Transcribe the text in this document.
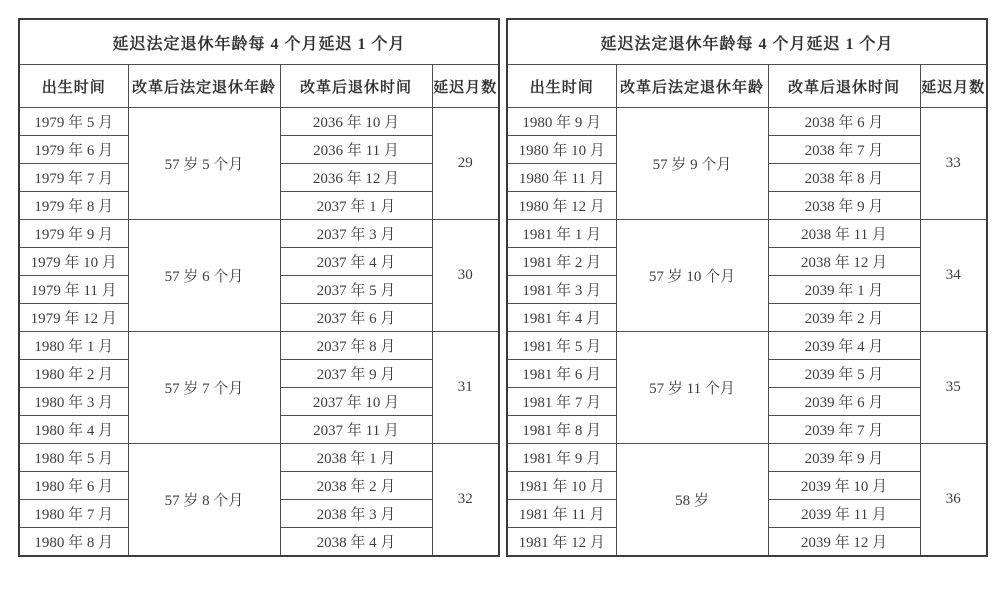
延迟法定退休年龄每 4 个月延迟 1 个月			
出生时间	改革后法定退休年龄	改革后退休时间	延迟月数
1979 年 5 月	57 岁 5 个月	2036 年 10 月	29
1979 年 6 月		2036 年 11 月	
1979 年 7 月		2036 年 12 月	
1979 年 8 月		2037 年 1 月	
1979 年 9 月	57 岁 6 个月	2037 年 3 月	30
1979 年 10 月		2037 年 4 月	
1979 年 11 月		2037 年 5 月	
1979 年 12 月		2037 年 6 月	
1980 年 1 月	57 岁 7 个月	2037 年 8 月	31
1980 年 2 月		2037 年 9 月	
1980 年 3 月		2037 年 10 月	
1980 年 4 月		2037 年 11 月	
1980 年 5 月	57 岁 8 个月	2038 年 1 月	32
1980 年 6 月		2038 年 2 月	
1980 年 7 月		2038 年 3 月	
1980 年 8 月		2038 年 4 月	
延迟法定退休年龄每 4 个月延迟 1 个月			
出生时间	改革后法定退休年龄	改革后退休时间	延迟月数
1980 年 9 月	57 岁 9 个月	2038 年 6 月	33
1980 年 10 月		2038 年 7 月	
1980 年 11 月		2038 年 8 月	
1980 年 12 月		2038 年 9 月	
1981 年 1 月	57 岁 10 个月	2038 年 11 月	34
1981 年 2 月		2038 年 12 月	
1981 年 3 月		2039 年 1 月	
1981 年 4 月		2039 年 2 月	
1981 年 5 月	57 岁 11 个月	2039 年 4 月	35
1981 年 6 月		2039 年 5 月	
1981 年 7 月		2039 年 6 月	
1981 年 8 月		2039 年 7 月	
1981 年 9 月	58 岁	2039 年 9 月	36
1981 年 10 月		2039 年 10 月	
1981 年 11 月		2039 年 11 月	
1981 年 12 月		2039 年 12 月	
